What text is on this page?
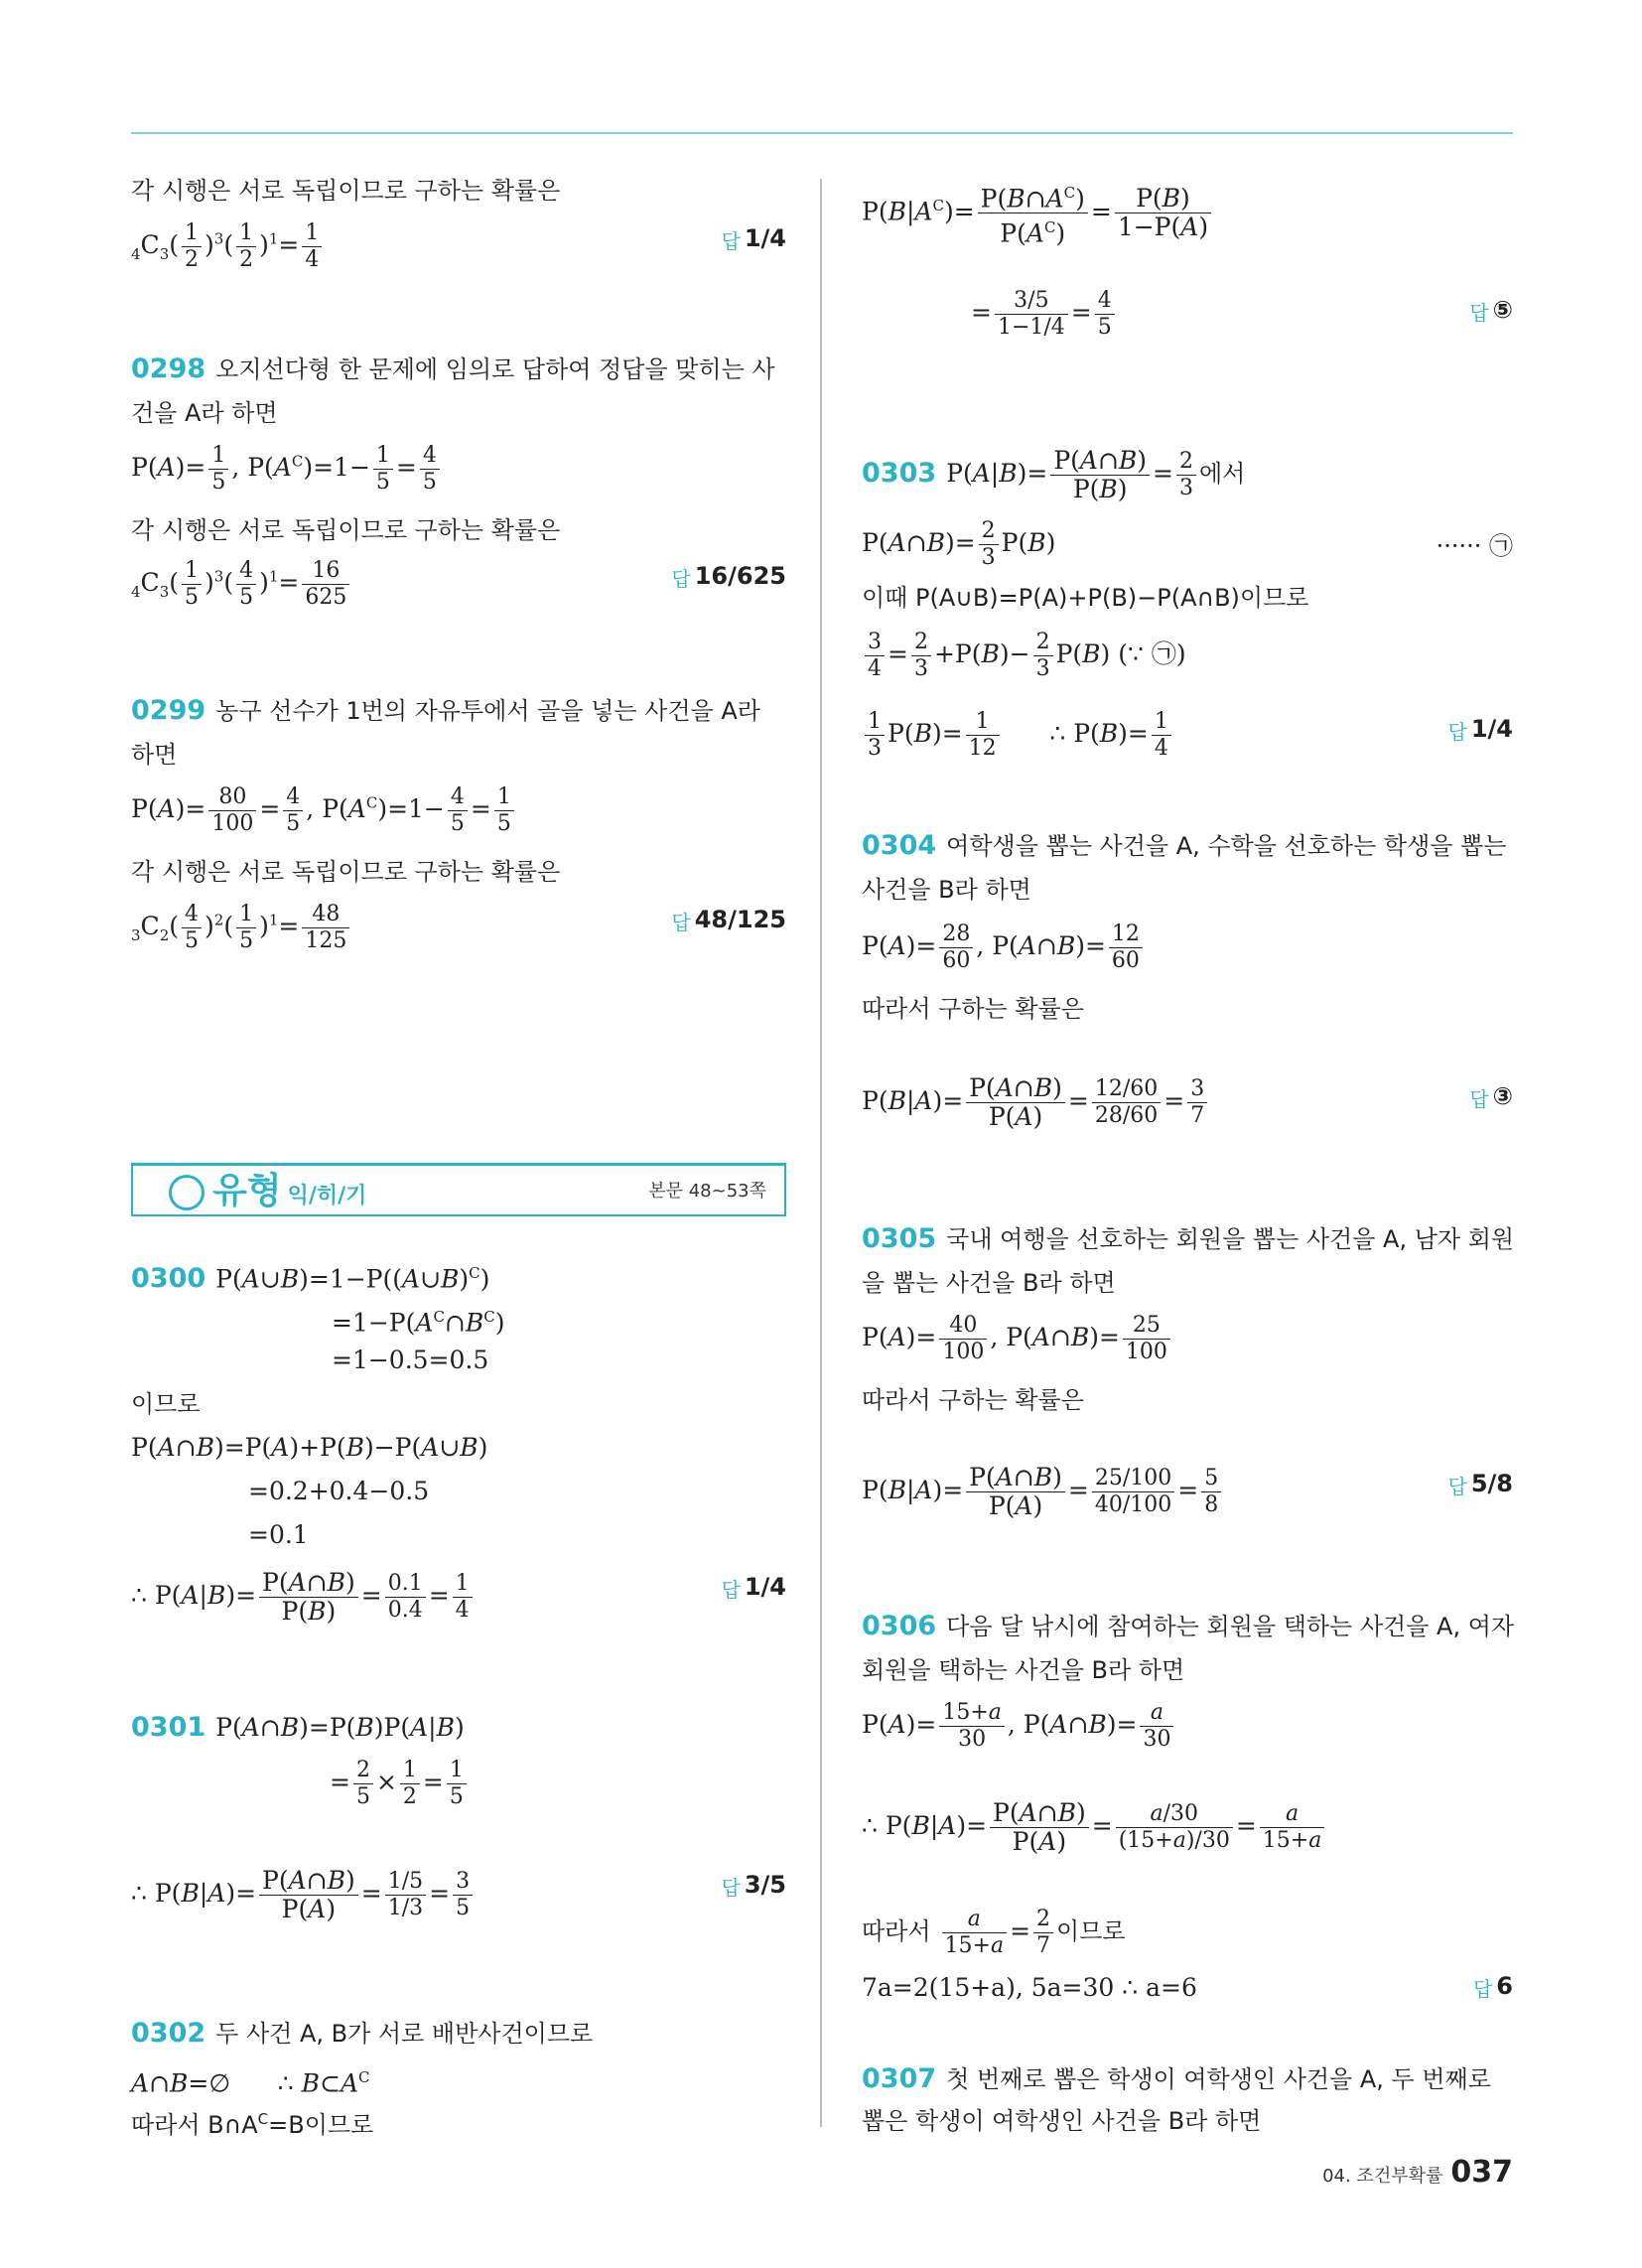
각 시행은 서로 독립이므로 구하는 확률은
$_4C_3( \frac{1}{2} )^3( \frac{1}{2} )^1= \frac{1}{4}$	답 1/4
0298 오지선다형 한 문제에 임의로 답하여 정답을 맞히는 사
건을 A라 하면
$P(A)= \frac{1}{5}$ , $P(A^C)=1- \frac{1}{5} = \frac{4}{5}$
각 시행은 서로 독립이므로 구하는 확률은
$_4C_3( \frac{1}{5} )^3( \frac{4}{5} )^1= \frac{16}{625}$	답 16/625
0299 농구 선수가 1번의 자유투에서 골을 넣는 사건을 A라
하면
$P(A)= \frac{80}{100} = \frac{4}{5}$ , $P(A^C)=1- \frac{4}{5} = \frac{1}{5}$
각 시행은 서로 독립이므로 구하는 확률은
$_3C_2( \frac{4}{5} )^2( \frac{1}{5} )^1= \frac{48}{125}$	답 48/125
유형 익/히/기	본문 48~53쪽
0300 P(A∪B)=1−P((A∪B)$^C$)
$=1-P(A^C\cap B^C)$
=1−0.5=0.5
이므로
P(A∩B)=P(A)+P(B)−P(A∪B)
=0.2+0.4−0.5
=0.1
∴ $P(A|B)= \frac{P(A\cap B)}{P(B)} = \frac{0.1}{0.4} = \frac{1}{4}$	답 1/4
0301 P(A∩B)=P(B)P(A|B)
= $\frac{2}{5} \times \frac{1}{2} = \frac{1}{5}$
∴ $P(B|A)= \frac{P(A\cap B)}{P(A)} = \frac{1/5}{1/3} = \frac{3}{5}$	답 3/5
0302 두 사건 A, B가 서로 배반사건이므로
A∩B=∅      ∴ $B\subset A^C$
따라서 $B\cap A^C=B$이므로
$P(B|A^C)= \frac{P(B\cap A^C)}{P(A^C)} = \frac{P(B)}{1-P(A)}$
= $\frac{3/5}{1-1/4} = \frac{4}{5}$	답 ⑤
0303 $P(A|B)= \frac{P(A\cap B)}{P(B)} = \frac{2}{3}$ 에서
P(A∩B)= $\frac{2}{3} P(B)$	······ ㉠
이때 P(A∪B)=P(A)+P(B)−P(A∩B)이므로
$\frac{3}{4} = \frac{2}{3} +P(B)- \frac{2}{3} P(B)$ (∵ ㉠)
$\frac{1}{3} P(B)= \frac{1}{12}$ ∴ $P(B)= \frac{1}{4}$	답 1/4
0304 여학생을 뽑는 사건을 A, 수학을 선호하는 학생을 뽑는
사건을 B라 하면
$P(A)= \frac{28}{60}$ , P(A∩B)= $\frac{12}{60}$
따라서 구하는 확률은
$P(B|A)= \frac{P(A\cap B)}{P(A)} = \frac{12/60}{28/60} = \frac{3}{7}$	답 ③
0305 국내 여행을 선호하는 회원을 뽑는 사건을 A, 남자 회원
을 뽑는 사건을 B라 하면
$P(A)= \frac{40}{100}$ , P(A∩B)= $\frac{25}{100}$
따라서 구하는 확률은
$P(B|A)= \frac{P(A\cap B)}{P(A)} = \frac{25/100}{40/100} = \frac{5}{8}$	답 5/8
0306 다음 달 낚시에 참여하는 회원을 택하는 사건을 A, 여자
회원을 택하는 사건을 B라 하면
$P(A)= \frac{15+a}{30}$ , P(A∩B)= $\frac{a}{30}$
∴ $P(B|A)= \frac{P(A\cap B)}{P(A)} = \frac{a/30}{(15+a)/30} = \frac{a}{15+a}$
따라서 $\frac{a}{15+a} = \frac{2}{7}$ 이므로
7a=2(15+a), 5a=30 ∴ a=6	답 6
0307 첫 번째로 뽑은 학생이 여학생인 사건을 A, 두 번째로
뽑은 학생이 여학생인 사건을 B라 하면
04. 조건부확률 037
